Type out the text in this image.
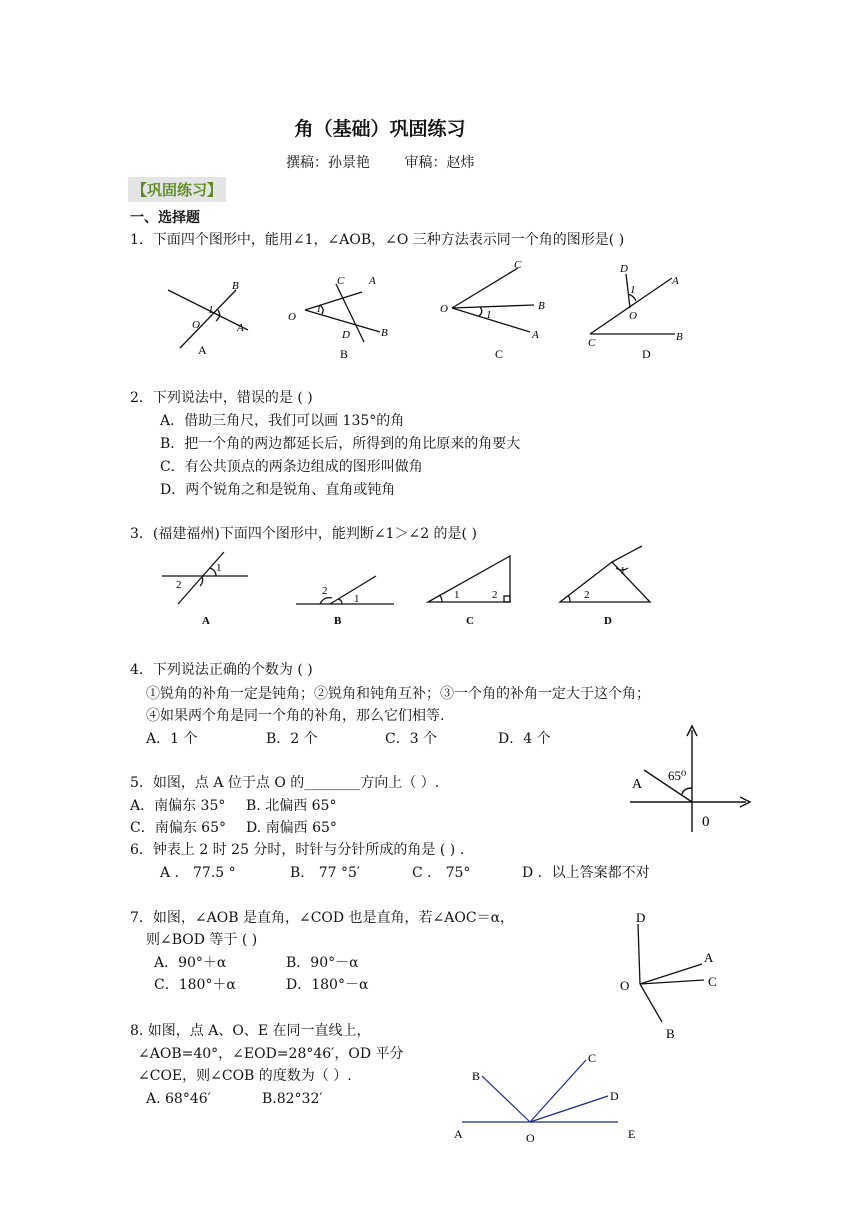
角（基础）巩固练习
撰稿：孙景艳 审稿：赵炜
【巩固练习】
一、选择题
1．下面四个图形中，能用∠1，∠AOB，∠O 三种方法表示同一个角的图形是( )
B
A
O
1
O
1
C A
D	B
O	1
C
B
A
D
A
O
1
C	B
A	B	C	D
2．下列说法中，错误的是 ( )
A．借助三角尺，我们可以画 135°的角
B．把一个角的两边都延长后，所得到的角比原来的角要大
C．有公共顶点的两条边组成的图形叫做角
D．两个锐角之和是锐角、直角或钝角
3．(福建福州)下面四个图形中，能判断∠1＞∠2 的是( )
1
2	2
1	1	2	2
1
A	B	C	D
4．下列说法正确的个数为 ( )
①锐角的补角一定是钝角；②锐角和钝角互补；③一个角的补角一定大于这个角；
④如果两个角是同一个角的补角，那么它们相等.
A．1 个	B．2 个	C．3 个	D．4 个
A
65⁰
0
5．如图，点 A 位于点 O 的________方向上（ ）.
A．南偏东 35° B. 北偏西 65°
C．南偏东 65° D. 南偏西 65°
6．钟表上 2 时 25 分时，时针与分针所成的角是 ( ) .
A ． 77.5 °	B． 77 °5′	C ． 75°	D ．以上答案都不对
7．如图，∠AOB 是直角，∠COD 也是直角，若∠AOC＝α，
则∠BOD 等于 ( )
A．90°＋α	B．90°－α
C．180°＋α	D．180°－α
D
A
C
O
B
8. 如图，点 A、O、E 在同一直线上，
∠AOB=40°，∠EOD=28°46′，OD 平分
∠COE，则∠COB 的度数为（ ）.
A. 68°46′	B.82°32′
B
C
D
A	O	E
